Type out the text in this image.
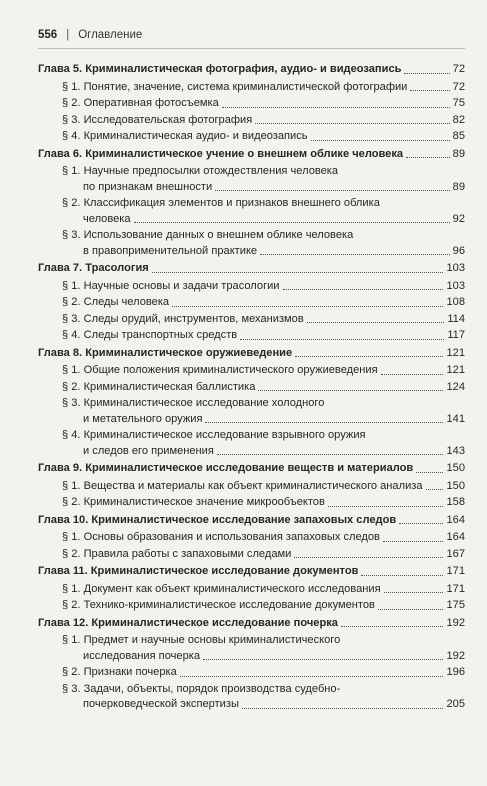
556 | Оглавление
Глава 5. Криминалистическая фотография, аудио- и видеозапись	72
§ 1. Понятие, значение, система криминалистической фотографии	72
§ 2. Оперативная фотосъемка	75
§ 3. Исследовательская фотография	82
§ 4. Криминалистическая аудио- и видеозапись	85
Глава 6. Криминалистическое учение о внешнем облике человека	89
§ 1. Научные предпосылки отождествления человека
по признакам внешности	89
§ 2. Классификация элементов и признаков внешнего облика
человека	92
§ 3. Использование данных о внешнем облике человека
в правоприменительной практике	96
Глава 7. Трасология	103
§ 1. Научные основы и задачи трасологии	103
§ 2. Следы человека	108
§ 3. Следы орудий, инструментов, механизмов	114
§ 4. Следы транспортных средств	117
Глава 8. Криминалистическое оружиеведение	121
§ 1. Общие положения криминалистического оружиеведения	121
§ 2. Криминалистическая баллистика	124
§ 3. Криминалистическое исследование холодного
и метательного оружия	141
§ 4. Криминалистическое исследование взрывного оружия
и следов его применения	143
Глава 9. Криминалистическое исследование веществ и материалов	150
§ 1. Вещества и материалы как объект криминалистического анализа 150
§ 2. Криминалистическое значение микрообъектов	158
Глава 10. Криминалистическое исследование запаховых следов	164
§ 1. Основы образования и использования запаховых следов	164
§ 2. Правила работы с запаховыми следами	167
Глава 11. Криминалистическое исследование документов	171
§ 1. Документ как объект криминалистического исследования	171
§ 2. Технико-криминалистическое исследование документов	175
Глава 12. Криминалистическое исследование почерка	192
§ 1. Предмет и научные основы криминалистического
исследования почерка	192
§ 2. Признаки почерка	196
§ 3. Задачи, объекты, порядок производства судебно-
почерковедческой экспертизы	205
